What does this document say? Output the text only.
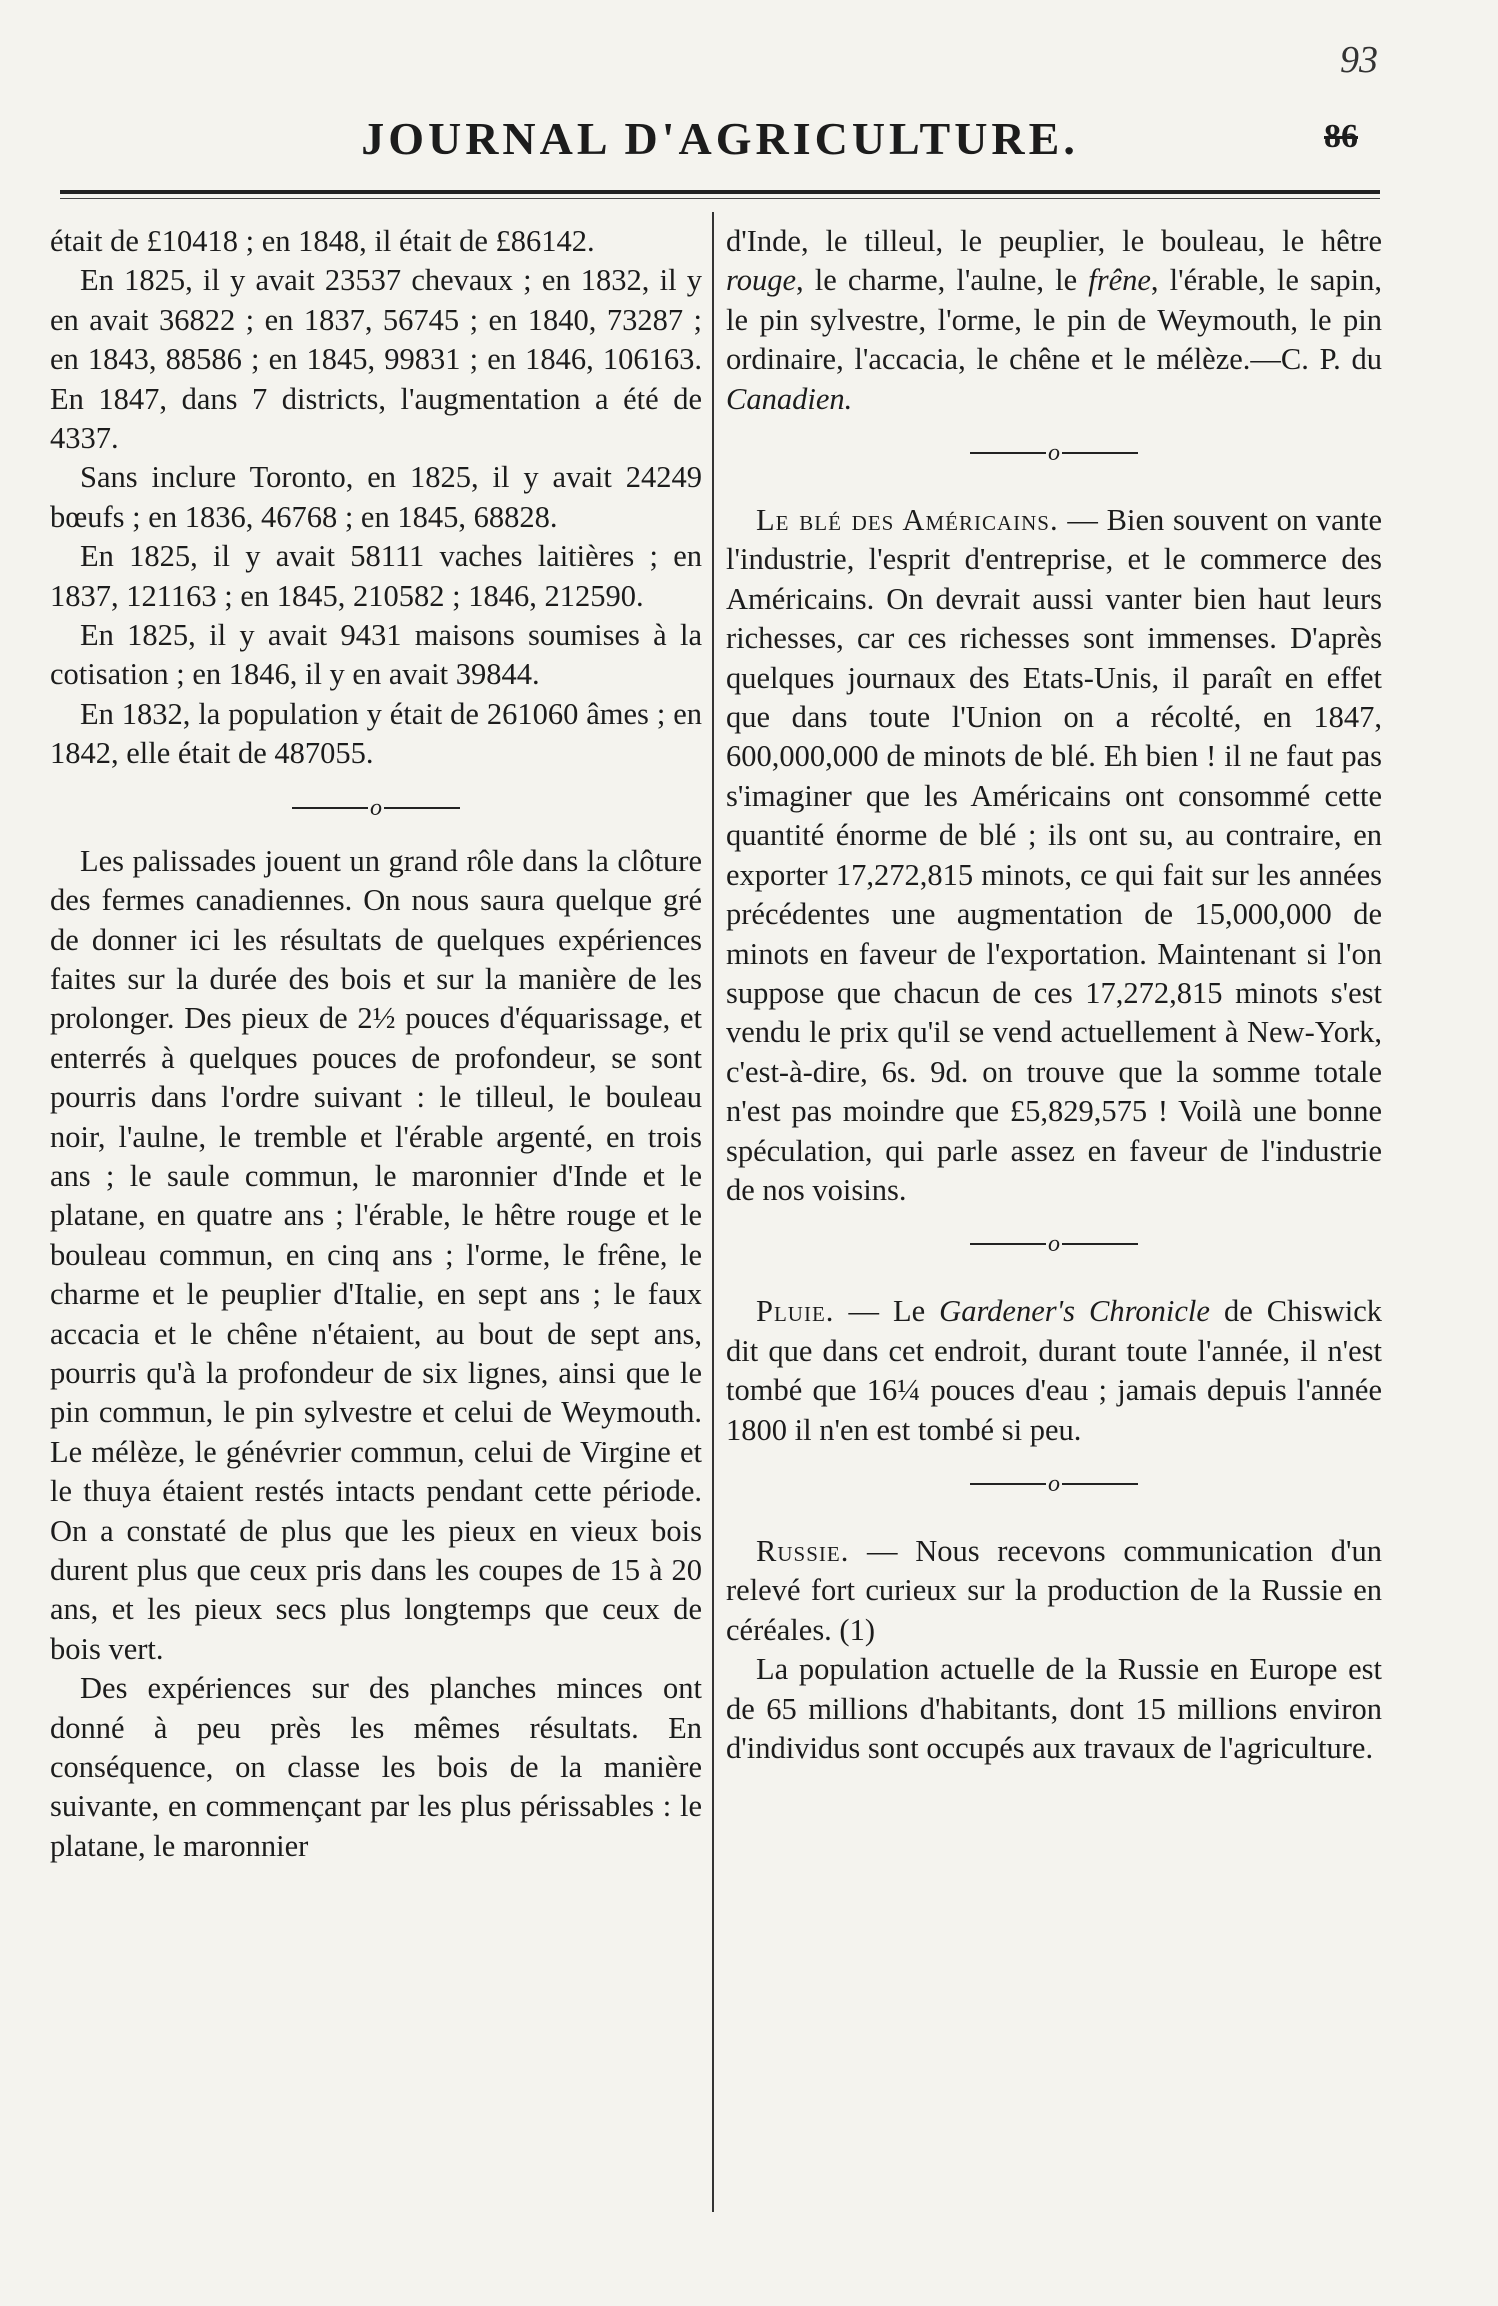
93
JOURNAL D'AGRICULTURE.	86

était de £10418 ; en 1848, il était de £86142.

En 1825, il y avait 23537 chevaux ; en 1832, il y en avait 36822 ; en 1837, 56745 ; en 1840, 73287 ; en 1843, 88586 ; en 1845, 99831 ; en 1846, 106163. En 1847, dans 7 districts, l'augmentation a été de 4337.

Sans inclure Toronto, en 1825, il y avait 24249 bœufs ; en 1836, 46768 ; en 1845, 68828.

En 1825, il y avait 58111 vaches laitières ; en 1837, 121163 ; en 1845, 210582 ; 1846, 212590.

En 1825, il y avait 9431 maisons soumises à la cotisation ; en 1846, il y en avait 39844.

En 1832, la population y était de 261060 âmes ; en 1842, elle était de 487055.

o

Les palissades jouent un grand rôle dans la clôture des fermes canadiennes. On nous saura quelque gré de donner ici les résultats de quelques expériences faites sur la durée des bois et sur la manière de les prolonger. Des pieux de 2½ pouces d'équarissage, et enterrés à quelques pouces de profondeur, se sont pourris dans l'ordre suivant : le tilleul, le bouleau noir, l'aulne, le tremble et l'érable argenté, en trois ans ; le saule commun, le maronnier d'Inde et le platane, en quatre ans ; l'érable, le hêtre rouge et le bouleau commun, en cinq ans ; l'orme, le frêne, le charme et le peuplier d'Italie, en sept ans ; le faux accacia et le chêne n'étaient, au bout de sept ans, pourris qu'à la profondeur de six lignes, ainsi que le pin commun, le pin sylvestre et celui de Weymouth. Le mélèze, le génévrier commun, celui de Virgine et le thuya étaient restés intacts pendant cette période. On a constaté de plus que les pieux en vieux bois durent plus que ceux pris dans les coupes de 15 à 20 ans, et les pieux secs plus longtemps que ceux de bois vert.

Des expériences sur des planches minces ont donné à peu près les mêmes résultats. En conséquence, on classe les bois de la manière suivante, en commençant par les plus périssables : le platane, le maronnier

d'Inde, le tilleul, le peuplier, le bouleau, le hêtre rouge, le charme, l'aulne, le frêne, l'érable, le sapin, le pin sylvestre, l'orme, le pin de Weymouth, le pin ordinaire, l'accacia, le chêne et le mélèze.—C. P. du Canadien.

o

Le blé des Américains. — Bien souvent on vante l'industrie, l'esprit d'entreprise, et le commerce des Américains. On devrait aussi vanter bien haut leurs richesses, car ces richesses sont immenses. D'après quelques journaux des Etats-Unis, il paraît en effet que dans toute l'Union on a récolté, en 1847, 600,000,000 de minots de blé. Eh bien ! il ne faut pas s'imaginer que les Américains ont consommé cette quantité énorme de blé ; ils ont su, au contraire, en exporter 17,272,815 minots, ce qui fait sur les années précédentes une augmentation de 15,000,000 de minots en faveur de l'exportation. Maintenant si l'on suppose que chacun de ces 17,272,815 minots s'est vendu le prix qu'il se vend actuellement à New-York, c'est-à-dire, 6s. 9d. on trouve que la somme totale n'est pas moindre que £5,829,575 ! Voilà une bonne spéculation, qui parle assez en faveur de l'industrie de nos voisins.

o

Pluie. — Le Gardener's Chronicle de Chiswick dit que dans cet endroit, durant toute l'année, il n'est tombé que 16¼ pouces d'eau ; jamais depuis l'année 1800 il n'en est tombé si peu.

o

Russie. — Nous recevons communication d'un relevé fort curieux sur la production de la Russie en céréales. (1)

La population actuelle de la Russie en Europe est de 65 millions d'habitants, dont 15 millions environ d'individus sont occupés aux travaux de l'agriculture.
